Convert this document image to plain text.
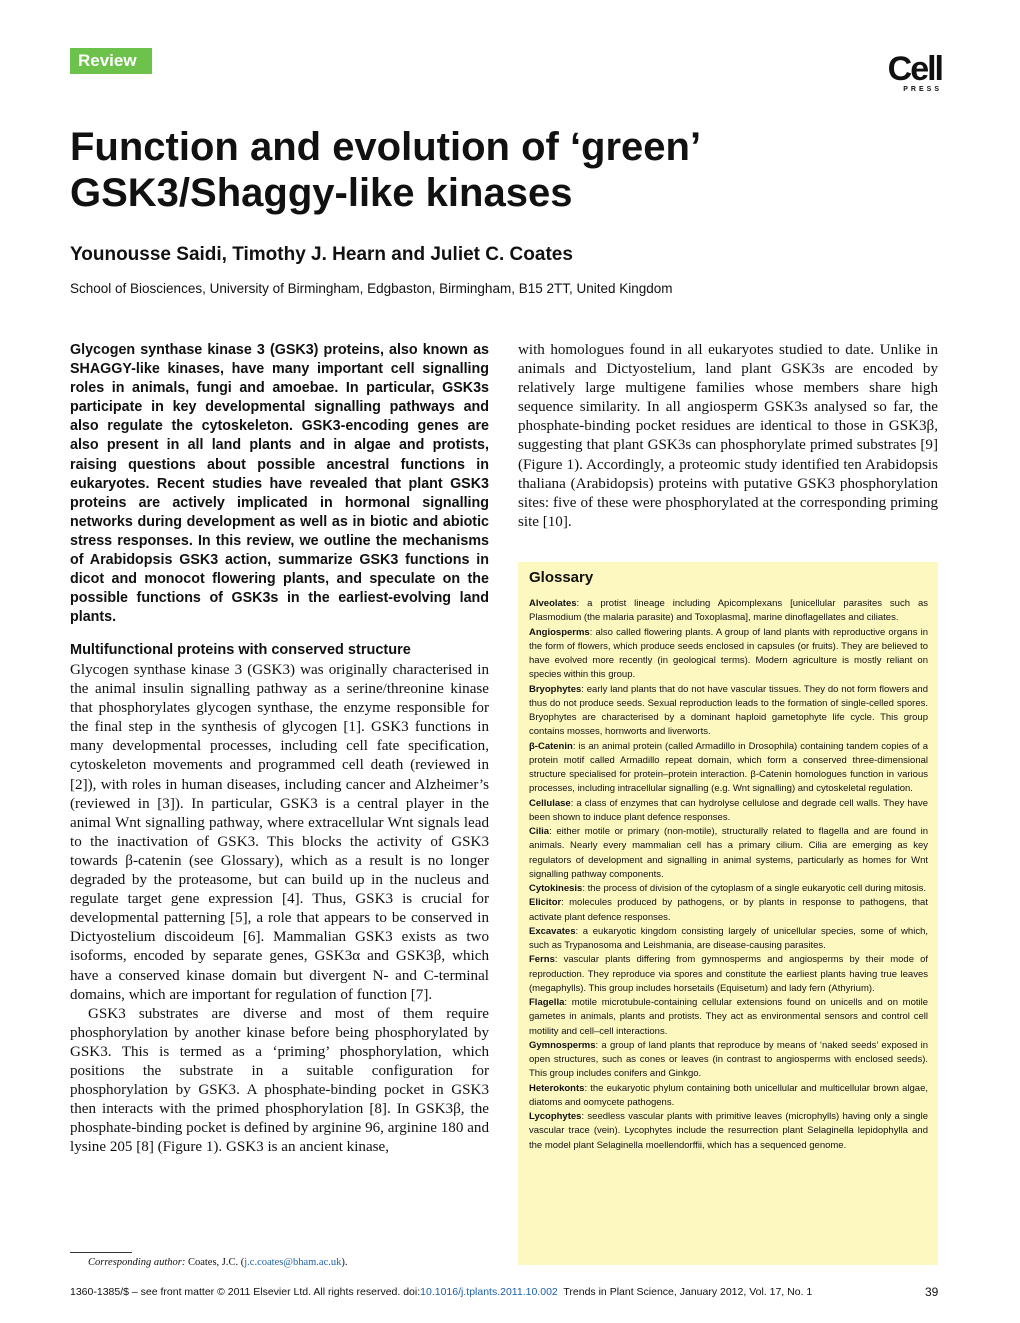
Review	Cell
PRESS
Function and evolution of ‘green’
GSK3/Shaggy-like kinases
Younousse Saidi, Timothy J. Hearn and Juliet C. Coates
School of Biosciences, University of Birmingham, Edgbaston, Birmingham, B15 2TT, United Kingdom

Glycogen synthase kinase 3 (GSK3) proteins, also known as SHAGGY-like kinases, have many important cell signalling roles in animals, fungi and amoebae. In particular, GSK3s participate in key developmental signalling pathways and also regulate the cytoskeleton. GSK3-encoding genes are also present in all land plants and in algae and protists, raising questions about possible ancestral functions in eukaryotes. Recent studies have revealed that plant GSK3 proteins are actively implicated in hormonal signalling networks during development as well as in biotic and abiotic stress responses. In this review, we outline the mechanisms of Arabidopsis GSK3 action, summarize GSK3 functions in dicot and monocot flowering plants, and speculate on the possible functions of GSK3s in the earliest-evolving land plants.

Multifunctional proteins with conserved structure

Glycogen synthase kinase 3 (GSK3) was originally characterised in the animal insulin signalling pathway as a serine/threonine kinase that phosphorylates glycogen synthase, the enzyme responsible for the final step in the synthesis of glycogen [1]. GSK3 functions in many developmental processes, including cell fate specification, cytoskeleton movements and programmed cell death (reviewed in [2]), with roles in human diseases, including cancer and Alzheimer’s (reviewed in [3]). In particular, GSK3 is a central player in the animal Wnt signalling pathway, where extracellular Wnt signals lead to the inactivation of GSK3. This blocks the activity of GSK3 towards β-catenin (see Glossary), which as a result is no longer degraded by the proteasome, but can build up in the nucleus and regulate target gene expression [4]. Thus, GSK3 is crucial for developmental patterning [5], a role that appears to be conserved in Dictyostelium discoideum [6]. Mammalian GSK3 exists as two isoforms, encoded by separate genes, GSK3α and GSK3β, which have a conserved kinase domain but divergent N- and C-terminal domains, which are important for regulation of function [7].

GSK3 substrates are diverse and most of them require phosphorylation by another kinase before being phosphorylated by GSK3. This is termed as a ‘priming’ phosphorylation, which positions the substrate in a suitable configuration for phosphorylation by GSK3. A phosphate-binding pocket in GSK3 then interacts with the primed phosphorylation [8]. In GSK3β, the phosphate-binding pocket is defined by arginine 96, arginine 180 and lysine 205 [8] (Figure 1). GSK3 is an ancient kinase,

with homologues found in all eukaryotes studied to date. Unlike in animals and Dictyostelium, land plant GSK3s are encoded by relatively large multigene families whose members share high sequence similarity. In all angiosperm GSK3s analysed so far, the phosphate-binding pocket residues are identical to those in GSK3β, suggesting that plant GSK3s can phosphorylate primed substrates [9] (Figure 1). Accordingly, a proteomic study identified ten Arabidopsis thaliana (Arabidopsis) proteins with putative GSK3 phosphorylation sites: five of these were phosphorylated at the corresponding priming site [10].

Glossary

Alveolates: a protist lineage including Apicomplexans [unicellular parasites such as Plasmodium (the malaria parasite) and Toxoplasma], marine dinoflagellates and ciliates.

Angiosperms: also called flowering plants. A group of land plants with reproductive organs in the form of flowers, which produce seeds enclosed in capsules (or fruits). They are believed to have evolved more recently (in geological terms). Modern agriculture is mostly reliant on species within this group.

Bryophytes: early land plants that do not have vascular tissues. They do not form flowers and thus do not produce seeds. Sexual reproduction leads to the formation of single-celled spores. Bryophytes are characterised by a dominant haploid gametophyte life cycle. This group contains mosses, hornworts and liverworts.

β-Catenin: is an animal protein (called Armadillo in Drosophila) containing tandem copies of a protein motif called Armadillo repeat domain, which form a conserved three-dimensional structure specialised for protein–protein interaction. β-Catenin homologues function in various processes, including intracellular signalling (e.g. Wnt signalling) and cytoskeletal regulation.

Cellulase: a class of enzymes that can hydrolyse cellulose and degrade cell walls. They have been shown to induce plant defence responses.

Cilia: either motile or primary (non-motile), structurally related to flagella and are found in animals. Nearly every mammalian cell has a primary cilium. Cilia are emerging as key regulators of development and signalling in animal systems, particularly as homes for Wnt signalling pathway components.

Cytokinesis: the process of division of the cytoplasm of a single eukaryotic cell during mitosis.

Elicitor: molecules produced by pathogens, or by plants in response to pathogens, that activate plant defence responses.

Excavates: a eukaryotic kingdom consisting largely of unicellular species, some of which, such as Trypanosoma and Leishmania, are disease-causing parasites.

Ferns: vascular plants differing from gymnosperms and angiosperms by their mode of reproduction. They reproduce via spores and constitute the earliest plants having true leaves (megaphylls). This group includes horsetails (Equisetum) and lady fern (Athyrium).

Flagella: motile microtubule-containing cellular extensions found on unicells and on motile gametes in animals, plants and protists. They act as environmental sensors and control cell motility and cell–cell interactions.

Gymnosperms: a group of land plants that reproduce by means of ‘naked seeds’ exposed in open structures, such as cones or leaves (in contrast to angiosperms with enclosed seeds). This group includes conifers and Ginkgo.

Heterokonts: the eukaryotic phylum containing both unicellular and multicellular brown algae, diatoms and oomycete pathogens.

Lycophytes: seedless vascular plants with primitive leaves (microphylls) having only a single vascular trace (vein). Lycophytes include the resurrection plant Selaginella lepidophylla and the model plant Selaginella moellendorffii, which has a sequenced genome.

Corresponding author: Coates, J.C. (j.c.coates@bham.ac.uk).
1360-1385/$ – see front matter © 2011 Elsevier Ltd. All rights reserved. doi:10.1016/j.tplants.2011.10.002  Trends in Plant Science, January 2012, Vol. 17, No. 1	39
